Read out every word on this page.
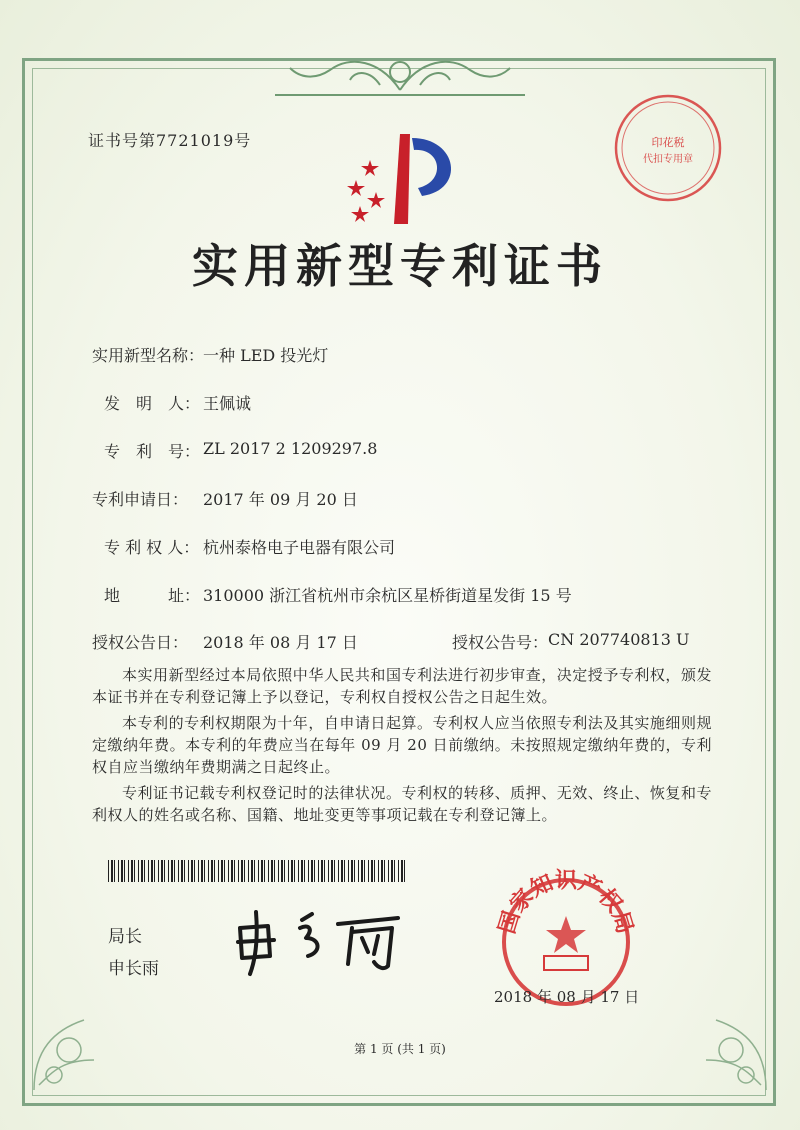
证书号第7721019号	印花税
代扣专用章
实用新型专利证书
实用新型名称：
一种 LED 投光灯
发　明　人： 王佩诚
专　利　号： ZL 2017 2 1209297.8
专利申请日： 2017 年 09 月 20 日
专 利 权 人： 杭州泰格电子电器有限公司
地　　　址： 310000 浙江省杭州市余杭区星桥街道星发街 15 号
授权公告日： 2018 年 08 月 17 日	授权公告号： CN 207740813 U
本实用新型经过本局依照中华人民共和国专利法进行初步审查，决定授予专利权，颁发本证书并在专利登记簿上予以登记，专利权自授权公告之日起生效。
本专利的专利权期限为十年，自申请日起算。专利权人应当依照专利法及其实施细则规定缴纳年费。本专利的年费应当在每年 09 月 20 日前缴纳。未按照规定缴纳年费的，专利权自应当缴纳年费期满之日起终止。
专利证书记载专利权登记时的法律状况。专利权的转移、质押、无效、终止、恢复和专利权人的姓名或名称、国籍、地址变更等事项记载在专利登记簿上。
局长
申长雨
国家知识产权局
2018 年 08 月 17 日
第 1 页 (共 1 页)
